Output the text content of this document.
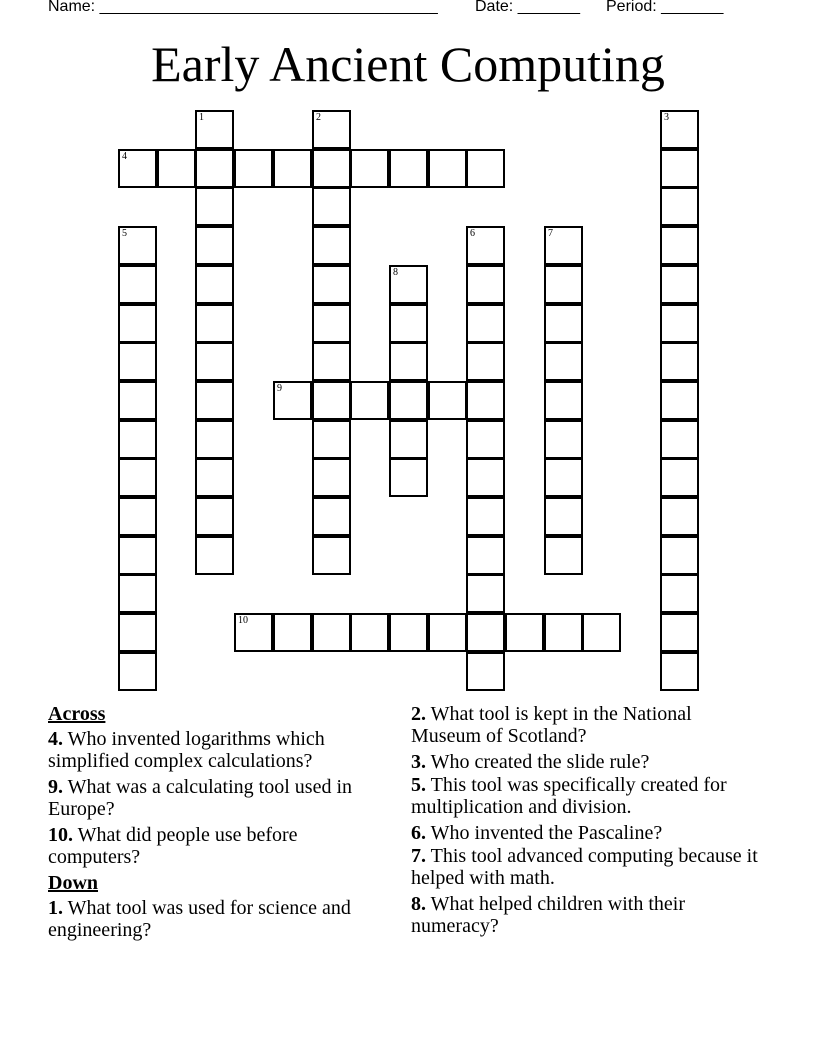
Name: ______________________________________ Date: _______ Period: _______
Early Ancient Computing
4
9
10
1	2	3
5	6	7
8
Across
4. Who invented logarithms which simplified complex calculations?
9. What was a calculating tool used in Europe?
10. What did people use before computers?
Down
1. What tool was used for science and engineering?
2. What tool is kept in the National Museum of Scotland?
3. Who created the slide rule?
5. This tool was specifically created for multiplication and division.
6. Who invented the Pascaline?
7. This tool advanced computing because it helped with math.
8. What helped children with their numeracy?
